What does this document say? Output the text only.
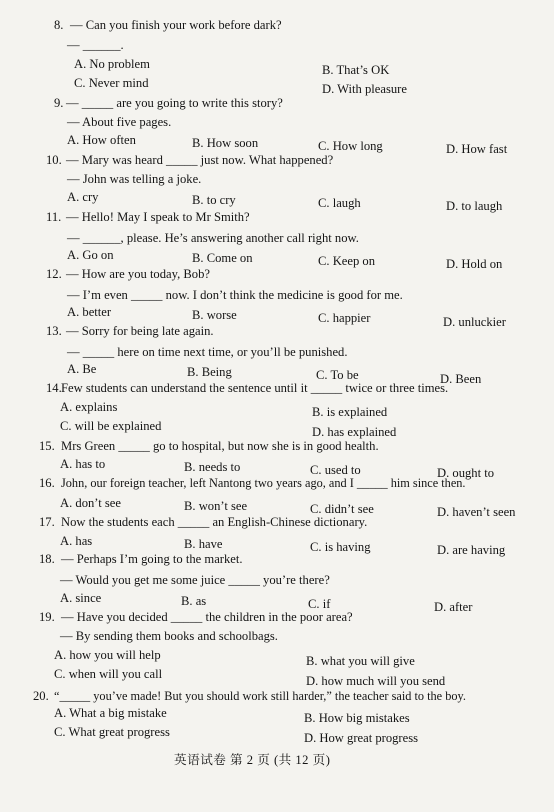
8. — Can you finish your work before dark?
— ______.
A. No problem	B. That’s OK
C. Never mind	D. With pleasure
9. — _____ are you going to write this story?
— About five pages.
A. How often	B. How soon	C. How long	D. How fast
10. — Mary was heard _____ just now. What happened?
— John was telling a joke.
A. cry	B. to cry	C. laugh	D. to laugh
11. — Hello! May I speak to Mr Smith?
— ______, please. He’s answering another call right now.
A. Go on	B. Come on	C. Keep on	D. Hold on
12. — How are you today, Bob?
— I’m even _____ now. I don’t think the medicine is good for me.
A. better	B. worse	C. happier	D. unluckier
13. — Sorry for being late again.
— _____ here on time next time, or you’ll be punished.
A. Be	B. Being	C. To be	D. Been
14. Few students can understand the sentence until it _____ twice or three times.
A. explains	B. is explained
C. will be explained	D. has explained
15. Mrs Green _____ go to hospital, but now she is in good health.
A. has to	B. needs to	C. used to	D. ought to
16. John, our foreign teacher, left Nantong two years ago, and I _____ him since then.
A. don’t see	B. won’t see	C. didn’t see	D. haven’t seen
17. Now the students each _____ an English-Chinese dictionary.
A. has	B. have	C. is having	D. are having
18. — Perhaps I’m going to the market.
— Would you get me some juice _____ you’re there?
A. since	B. as	C. if	D. after
19. — Have you decided _____ the children in the poor area?
— By sending them books and schoolbags.
A. how you will help	B. what you will give
C. when will you call	D. how much will you send
20. “_____ you’ve made! But you should work still harder,” the teacher said to the boy.
A. What a big mistake	B. How big mistakes
C. What great progress	D. How great progress
英语试卷 第 2 页 (共 12 页)
